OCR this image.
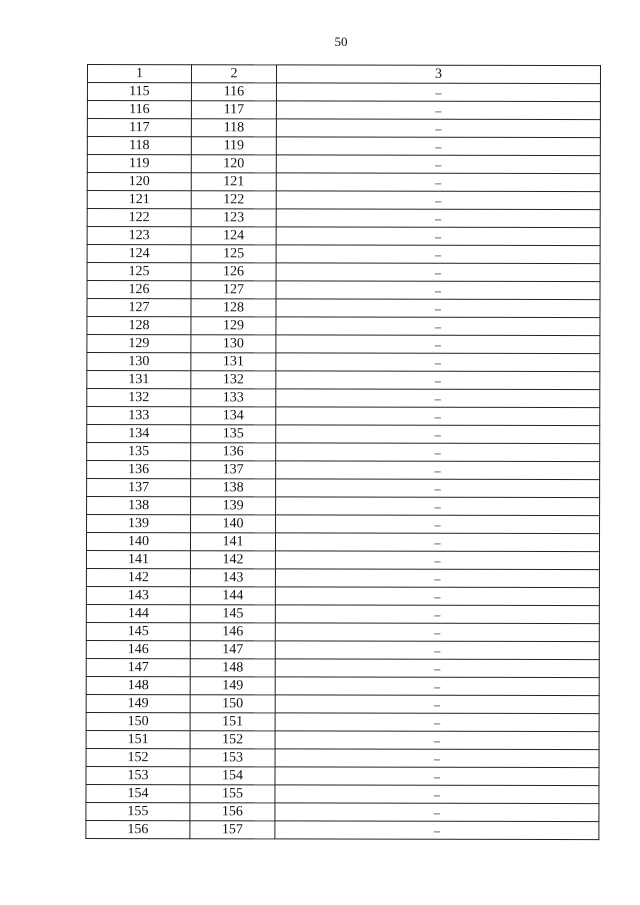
50
1	2	3
115	116	–
116	117	–
117	118	–
118	119	–
119	120	–
120	121	–
121	122	–
122	123	–
123	124	–
124	125	–
125	126	–
126	127	–
127	128	–
128	129	–
129	130	–
130	131	–
131	132	–
132	133	–
133	134	–
134	135	–
135	136	–
136	137	–
137	138	–
138	139	–
139	140	–
140	141	–
141	142	–
142	143	–
143	144	–
144	145	–
145	146	–
146	147	–
147	148	–
148	149	–
149	150	–
150	151	–
151	152	–
152	153	–
153	154	–
154	155	–
155	156	–
156	157	–
